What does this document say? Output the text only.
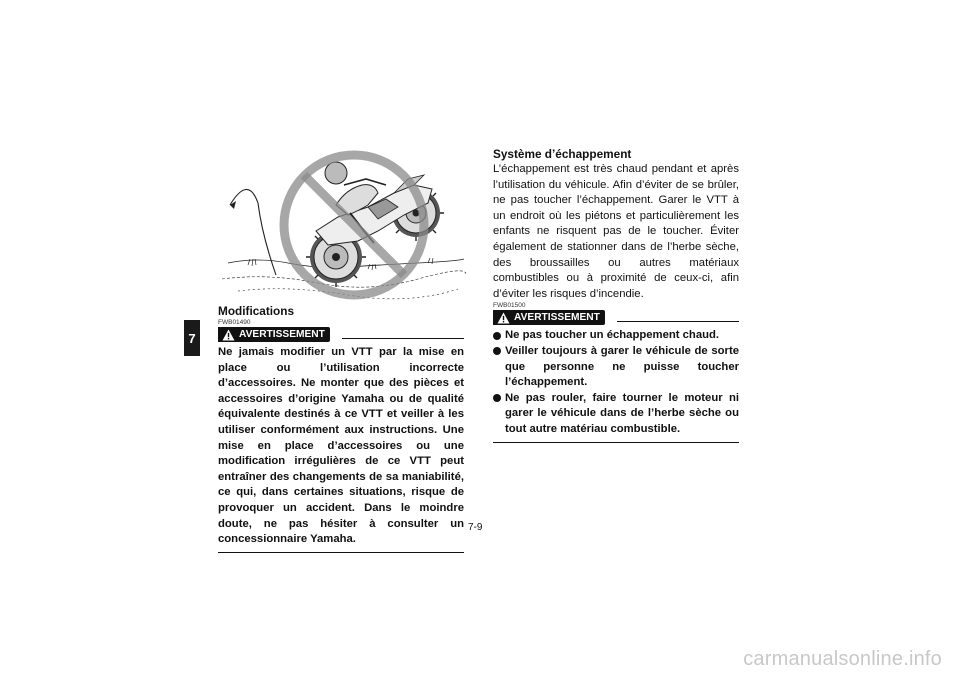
7
Modifications
FWB01490
AVERTISSEMENT
Ne jamais modifier un VTT par la mise en place ou l’utilisation incorrecte d’accessoires. Ne monter que des pièces et accessoires d’origine Yamaha ou de qualité équivalente destinés à ce VTT et veiller à les utiliser conformément aux instructions. Une mise en place d’accessoires ou une modification irrégulières de ce VTT peut entraîner des changements de sa maniabilité, ce qui, dans certaines situations, risque de provoquer un accident. Dans le moindre doute, ne pas hésiter à consulter un concessionnaire Yamaha.
Système d’échappement
L’échappement est très chaud pendant et après l’utilisation du véhicule. Afin d’éviter de se brûler, ne pas toucher l’échappement. Garer le VTT à un endroit où les piétons et particulièrement les enfants ne risquent pas de le toucher. Éviter également de stationner dans de l’herbe sèche, des broussailles ou autres matériaux combustibles ou à proximité de ceux-ci, afin d’éviter les risques d’incendie.
FWB01500
AVERTISSEMENT
Ne pas toucher un échappement chaud.
Veiller toujours à garer le véhicule de sorte que personne ne puisse toucher l’échappement.
Ne pas rouler, faire tourner le moteur ni garer le véhicule dans de l’herbe sèche ou tout autre matériau combustible.
7-9
carmanualsonline.info
